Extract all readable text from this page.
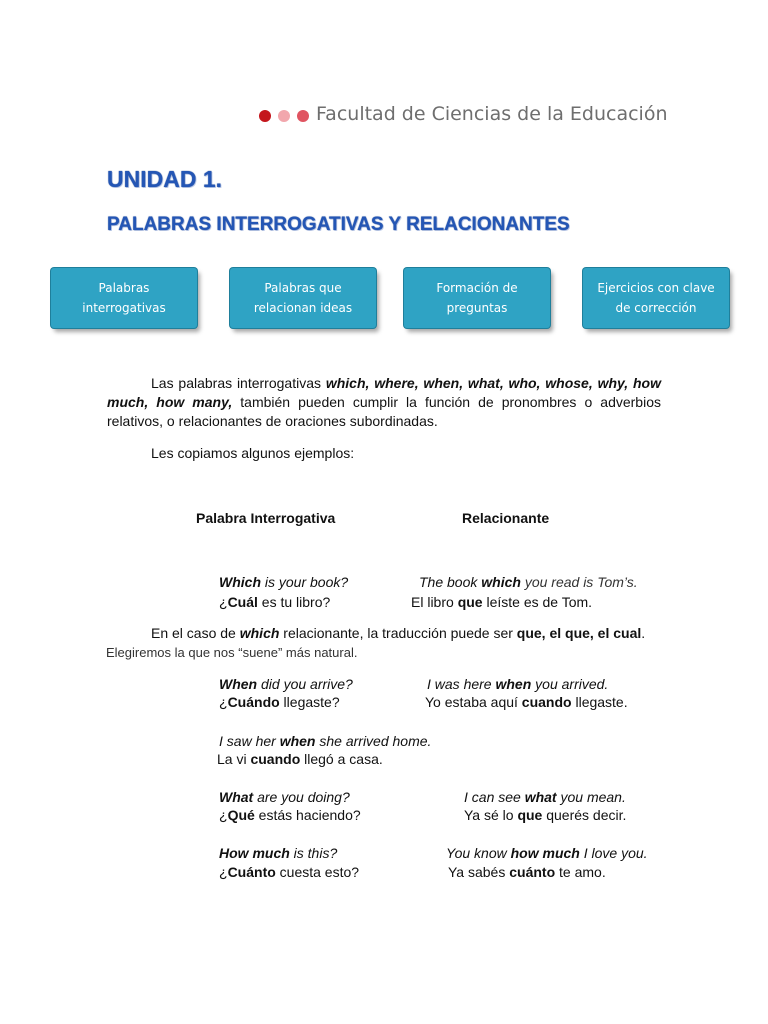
Facultad de Ciencias de la Educación
UNIDAD 1.
PALABRAS INTERROGATIVAS Y RELACIONANTES
Palabras
interrogativas
Palabras que
relacionan ideas
Formación de
preguntas
Ejercicios con clave
de corrección
Las palabras interrogativas which, where, when, what, who, whose, why, how much, how many, también pueden cumplir la función de pronombres o adverbios relativos, o relacionantes de oraciones subordinadas.
Les copiamos algunos ejemplos:
Palabra Interrogativa	Relacionante
Which is your book?
¿Cuál es tu libro?
The book which you read is Tom’s.
El libro que leíste es de Tom.
En el caso de which relacionante, la traducción puede ser que, el que, el cual.
Elegiremos la que nos “suene” más natural.
When did you arrive?
¿Cuándo llegaste?
I was here when you arrived.
Yo estaba aquí cuando llegaste.
I saw her when she arrived home.
La vi cuando llegó a casa.
What are you doing?
¿Qué estás haciendo?
I can see what you mean.
Ya sé lo que querés decir.
How much is this?
¿Cuánto cuesta esto?
You know how much I love you.
Ya sabés cuánto te amo.
